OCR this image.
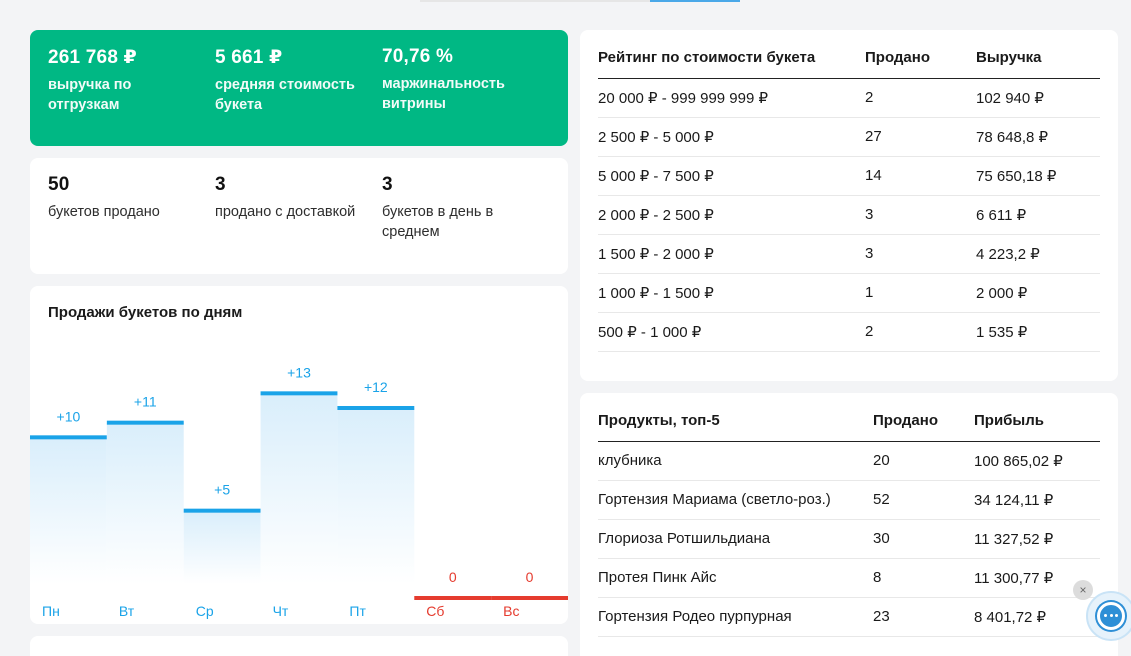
261 768 ₽
выручка по отгрузкам
5 661 ₽
средняя стоимость букета
70,76 %
маржинальность витрины
50
букетов продано
3
продано с доставкой
3
букетов в день в среднем
Продажи букетов по дням
+10
Пн
+11
Вт
+5
Ср
+13
Чт
+12
Пт
0
Сб
0
Вс
Рейтинг по стоимости букета	Продано	Выручка
20 000 ₽ - 999 999 999 ₽	2	102 940 ₽
2 500 ₽ - 5 000 ₽	27	78 648,8 ₽
5 000 ₽ - 7 500 ₽	14	75 650,18 ₽
2 000 ₽ - 2 500 ₽	3	6 611 ₽
1 500 ₽ - 2 000 ₽	3	4 223,2 ₽
1 000 ₽ - 1 500 ₽	1	2 000 ₽
500 ₽ - 1 000 ₽	2	1 535 ₽
Продукты, топ-5	Продано	Прибыль
клубника	20	100 865,02 ₽
Гортензия Мариама (светло-роз.)	52	34 124,11 ₽
Глориоза Ротшильдиана	30	11 327,52 ₽
Протея Пинк Айс	8	11 300,77 ₽
Гортензия Родео пурпурная	23	8 401,72 ₽
×
